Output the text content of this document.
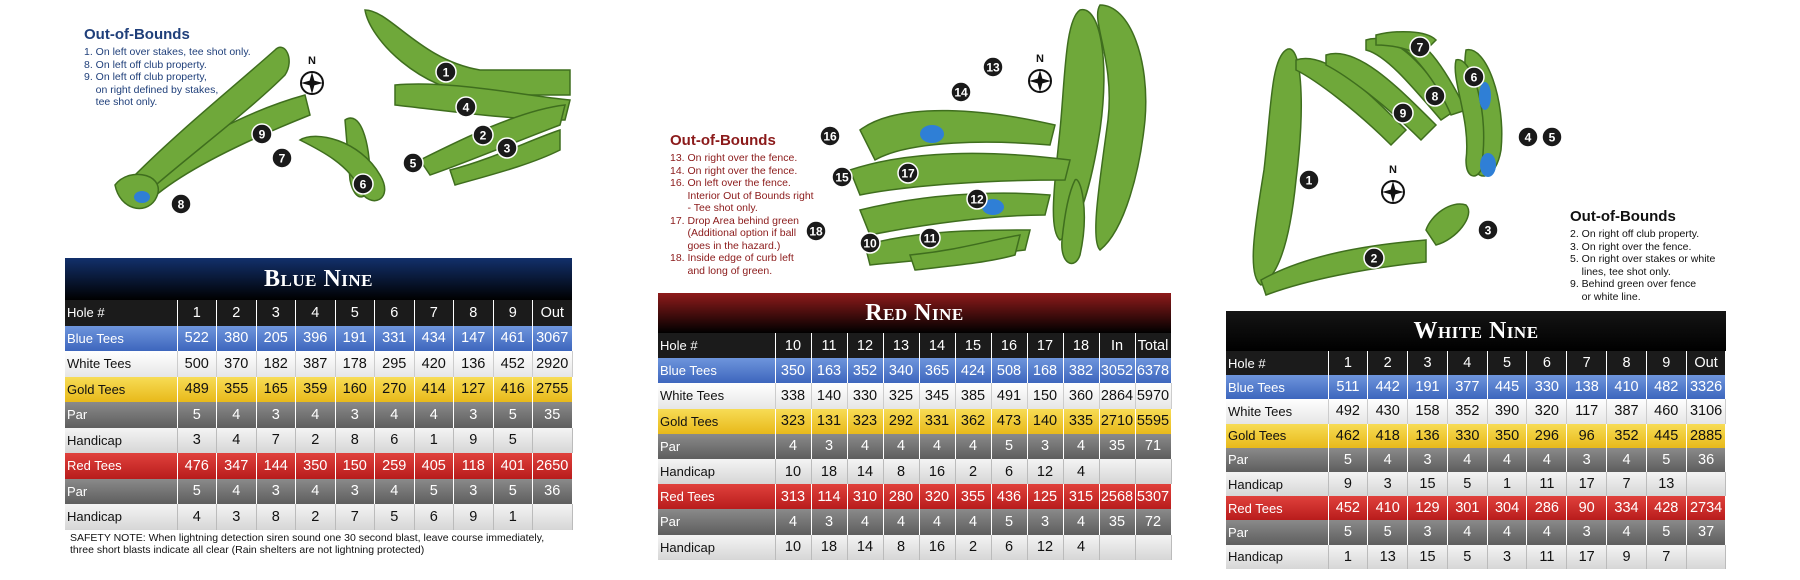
N
1
4
2
3
5
6
7
9
8
Out-of-Bounds
1. On left over stakes, tee shot only.
8. On left off club property.
9. On left off club property,
on right defined by stakes,
tee shot only.
Blue Nine
Hole #	1	2	3	4	5	6	7	8	9	Out
Blue Tees	522	380	205	396	191	331	434	147	461	3067
White Tees	500	370	182	387	178	295	420	136	452	2920
Gold Tees	489	355	165	359	160	270	414	127	416	2755
Par	5	4	3	4	3	4	4	3	5	35
Handicap	3	4	7	2	8	6	1	9	5	
Red Tees	476	347	144	350	150	259	405	118	401	2650
Par	5	4	3	4	3	4	5	3	5	36
Handicap	4	3	8	2	7	5	6	9	1	
SAFETY NOTE: When lightning detection siren sound one 30 second blast, leave course immediately, three short blasts indicate all clear (Rain shelters are not lightning protected)
N
14
13
16
15	17
12
18
10	11
Out-of-Bounds
13. On right over the fence.
14. On right over the fence.
16. On left over the fence.
Interior Out of Bounds right
- Tee shot only.
17. Drop Area behind green
(Additional option if ball
goes in the hazard.)
18. Inside edge of curb left
and long of green.
Red Nine
Hole #	10	11	12	13	14	15	16	17	18	In	Total
Blue Tees	350	163	352	340	365	424	508	168	382	3052	6378
White Tees	338	140	330	325	345	385	491	150	360	2864	5970
Gold Tees	323	131	323	292	331	362	473	140	335	2710	5595
Par	4	3	4	4	4	4	5	3	4	35	71
Handicap	10	18	14	8	16	2	6	12	4		
Red Tees	313	114	310	280	320	355	436	125	315	2568	5307
Par	4	3	4	4	4	4	5	3	4	35	72
Handicap	10	18	14	8	16	2	6	12	4		
N
7
6
8
9
4 5
1
3
2
Out-of-Bounds
2. On right off club property.
3. On right over the fence.
5. On right over stakes or white
lines, tee shot only.
9. Behind green over fence
or white line.
White Nine
Hole #	1	2	3	4	5	6	7	8	9	Out
Blue Tees	511	442	191	377	445	330	138	410	482	3326
White Tees	492	430	158	352	390	320	117	387	460	3106
Gold Tees	462	418	136	330	350	296	96	352	445	2885
Par	5	4	3	4	4	4	3	4	5	36
Handicap	9	3	15	5	1	11	17	7	13	
Red Tees	452	410	129	301	304	286	90	334	428	2734
Par	5	5	3	4	4	4	3	4	5	37
Handicap	1	13	15	5	3	11	17	9	7	
